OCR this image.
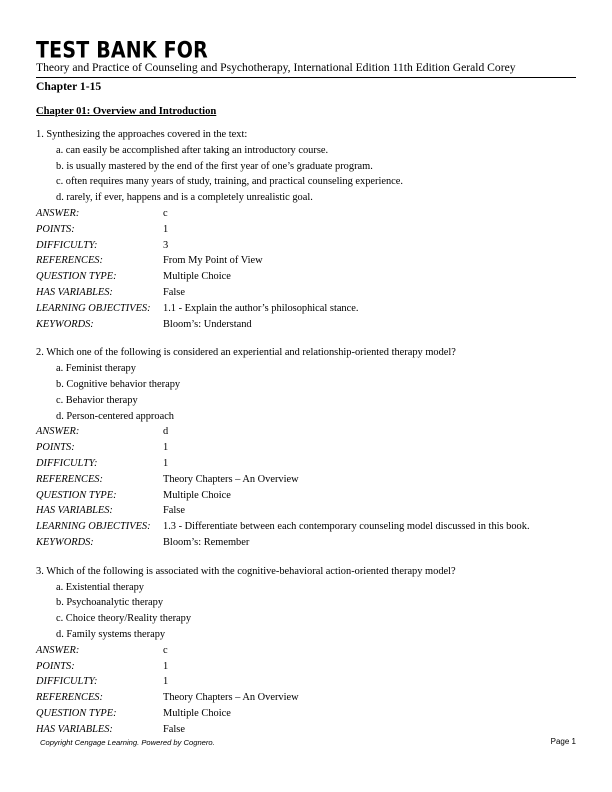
TEST BANK FOR
Theory and Practice of Counseling and Psychotherapy, International Edition 11th Edition Gerald Corey
Chapter 1-15
Chapter 01: Overview and Introduction
1. Synthesizing the approaches covered in the text:
a. can easily be accomplished after taking an introductory course.
b. is usually mastered by the end of the first year of one’s graduate program.
c. often requires many years of study, training, and practical counseling experience.
d. rarely, if ever, happens and is a completely unrealistic goal.
ANSWER:	c
POINTS:	1
DIFFICULTY:	3
REFERENCES:	From My Point of View
QUESTION TYPE:	Multiple Choice
HAS VARIABLES:	False
LEARNING OBJECTIVES:	1.1 - Explain the author’s philosophical stance.
KEYWORDS:	Bloom’s: Understand
2. Which one of the following is considered an experiential and relationship-oriented therapy model?
a. Feminist therapy
b. Cognitive behavior therapy
c. Behavior therapy
d. Person-centered approach
ANSWER:	d
POINTS:	1
DIFFICULTY:	1
REFERENCES:	Theory Chapters – An Overview
QUESTION TYPE:	Multiple Choice
HAS VARIABLES:	False
LEARNING OBJECTIVES:	1.3 - Differentiate between each contemporary counseling model discussed in this book.
KEYWORDS:	Bloom’s: Remember
3. Which of the following is associated with the cognitive-behavioral action-oriented therapy model?
a. Existential therapy
b. Psychoanalytic therapy
c. Choice theory/Reality therapy
d. Family systems therapy
ANSWER:	c
POINTS:	1
DIFFICULTY:	1
REFERENCES:	Theory Chapters – An Overview
QUESTION TYPE:	Multiple Choice
HAS VARIABLES:	False
Copyright Cengage Learning. Powered by Cognero.	Page 1
